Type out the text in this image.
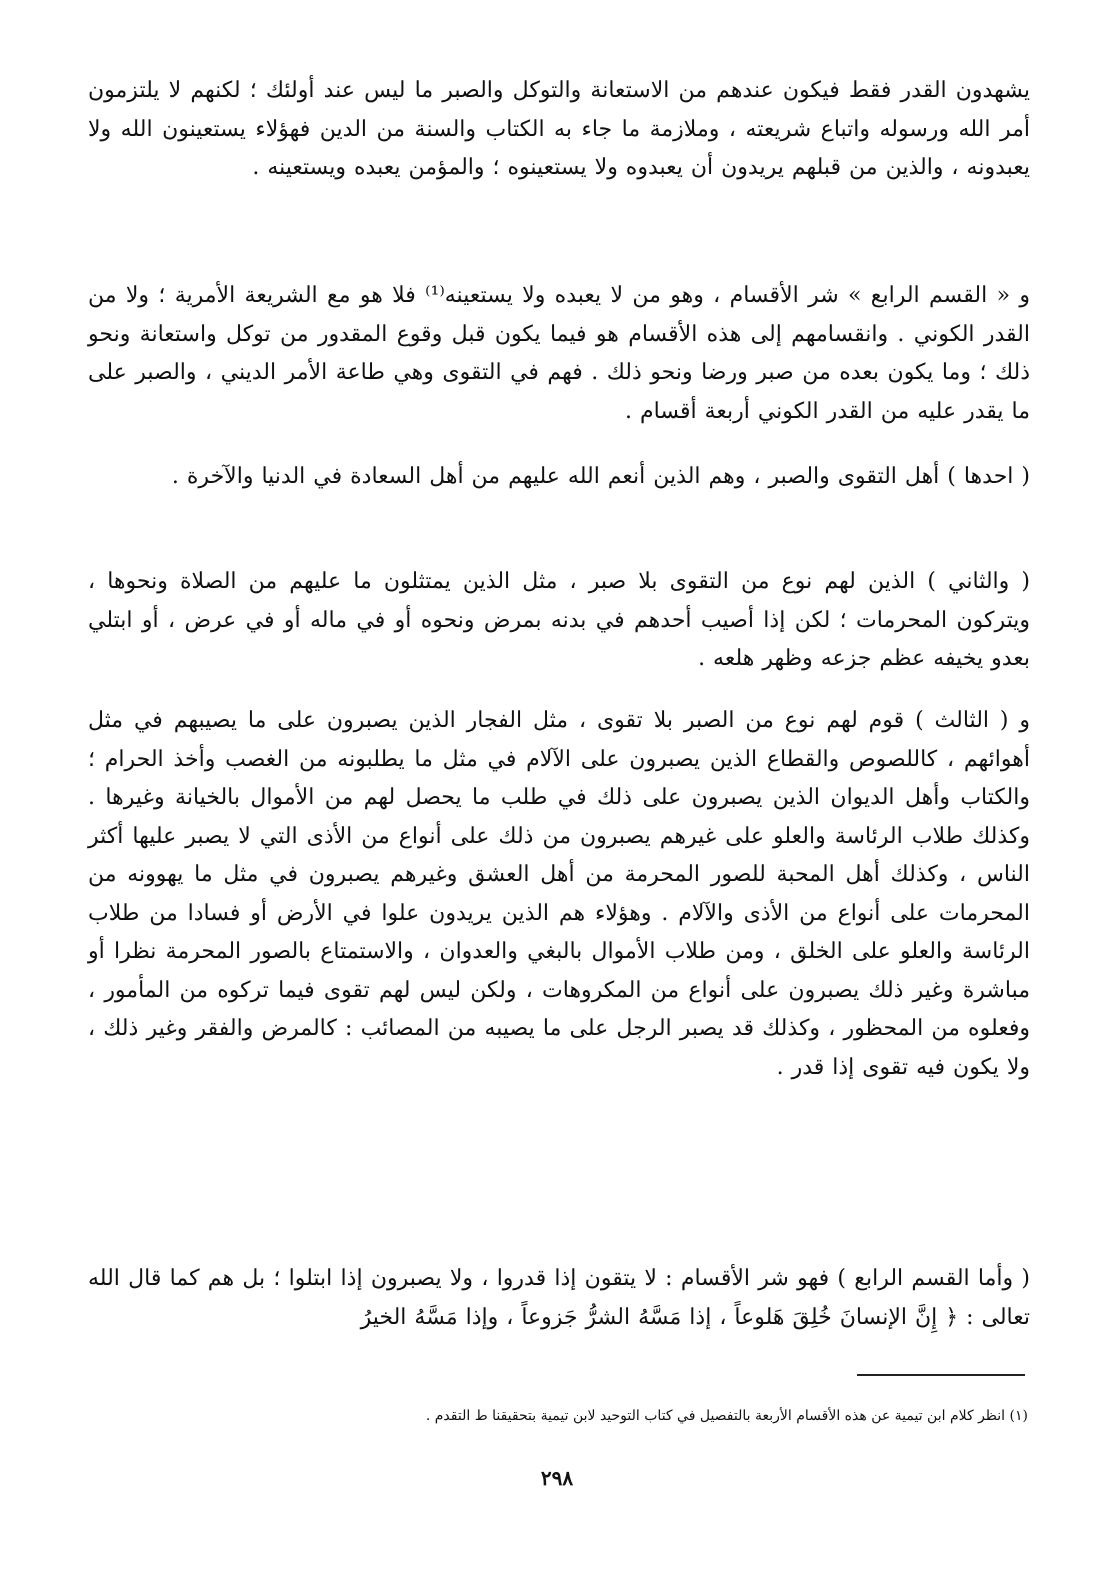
يشهدون القدر فقط فيكون عندهم من الاستعانة والتوكل والصبر ما ليس عند أولئك ؛ لكنهم لا يلتزمون أمر الله ورسوله واتباع شريعته ، وملازمة ما جاء به الكتاب والسنة من الدين فهؤلاء يستعينون الله ولا يعبدونه ، والذين من قبلهم يريدون أن يعبدوه ولا يستعينوه ؛ والمؤمن يعبده ويستعينه .

و « القسم الرابع » شر الأقسام ، وهو من لا يعبده ولا يستعينه⁽¹⁾ فلا هو مع الشريعة الأمرية ؛ ولا من القدر الكوني . وانقسامهم إلى هذه الأقسام هو فيما يكون قبل وقوع المقدور من توكل واستعانة ونحو ذلك ؛ وما يكون بعده من صبر ورضا ونحو ذلك . فهم في التقوى وهي طاعة الأمر الديني ، والصبر على ما يقدر عليه من القدر الكوني أربعة أقسام .

( احدها ) أهل التقوى والصبر ، وهم الذين أنعم الله عليهم من أهل السعادة في الدنيا والآخرة .

( والثاني ) الذين لهم نوع من التقوى بلا صبر ، مثل الذين يمتثلون ما عليهم من الصلاة ونحوها ، ويتركون المحرمات ؛ لكن إذا أصيب أحدهم في بدنه بمرض ونحوه أو في ماله أو في عرض ، أو ابتلي بعدو يخيفه عظم جزعه وظهر هلعه .

و ( الثالث ) قوم لهم نوع من الصبر بلا تقوى ، مثل الفجار الذين يصبرون على ما يصيبهم في مثل أهوائهم ، كاللصوص والقطاع الذين يصبرون على الآلام في مثل ما يطلبونه من الغصب وأخذ الحرام ؛ والكتاب وأهل الديوان الذين يصبرون على ذلك في طلب ما يحصل لهم من الأموال بالخيانة وغيرها . وكذلك طلاب الرئاسة والعلو على غيرهم يصبرون من ذلك على أنواع من الأذى التي لا يصبر عليها أكثر الناس ، وكذلك أهل المحبة للصور المحرمة من أهل العشق وغيرهم يصبرون في مثل ما يهوونه من المحرمات على أنواع من الأذى والآلام . وهؤلاء هم الذين يريدون علوا في الأرض أو فسادا من طلاب الرئاسة والعلو على الخلق ، ومن طلاب الأموال بالبغي والعدوان ، والاستمتاع بالصور المحرمة نظرا أو مباشرة وغير ذلك يصبرون على أنواع من المكروهات ، ولكن ليس لهم تقوى فيما تركوه من المأمور ، وفعلوه من المحظور ، وكذلك قد يصبر الرجل على ما يصيبه من المصائب : كالمرض والفقر وغير ذلك ، ولا يكون فيه تقوى إذا قدر .

( وأما القسم الرابع ) فهو شر الأقسام : لا يتقون إذا قدروا ، ولا يصبرون إذا ابتلوا ؛ بل هم كما قال الله تعالى : ﴿ إِنَّ الإنسانَ خُلِقَ هَلوعاً ، إذا مَسَّهُ الشرُّ جَزوعاً ، وإذا مَسَّهُ الخيرُ

(١) انظر كلام ابن تيمية عن هذه الأقسام الأربعة بالتفصيل في كتاب التوحيد لابن تيمية بتحقيقنا ط التقدم .

٢٩٨
